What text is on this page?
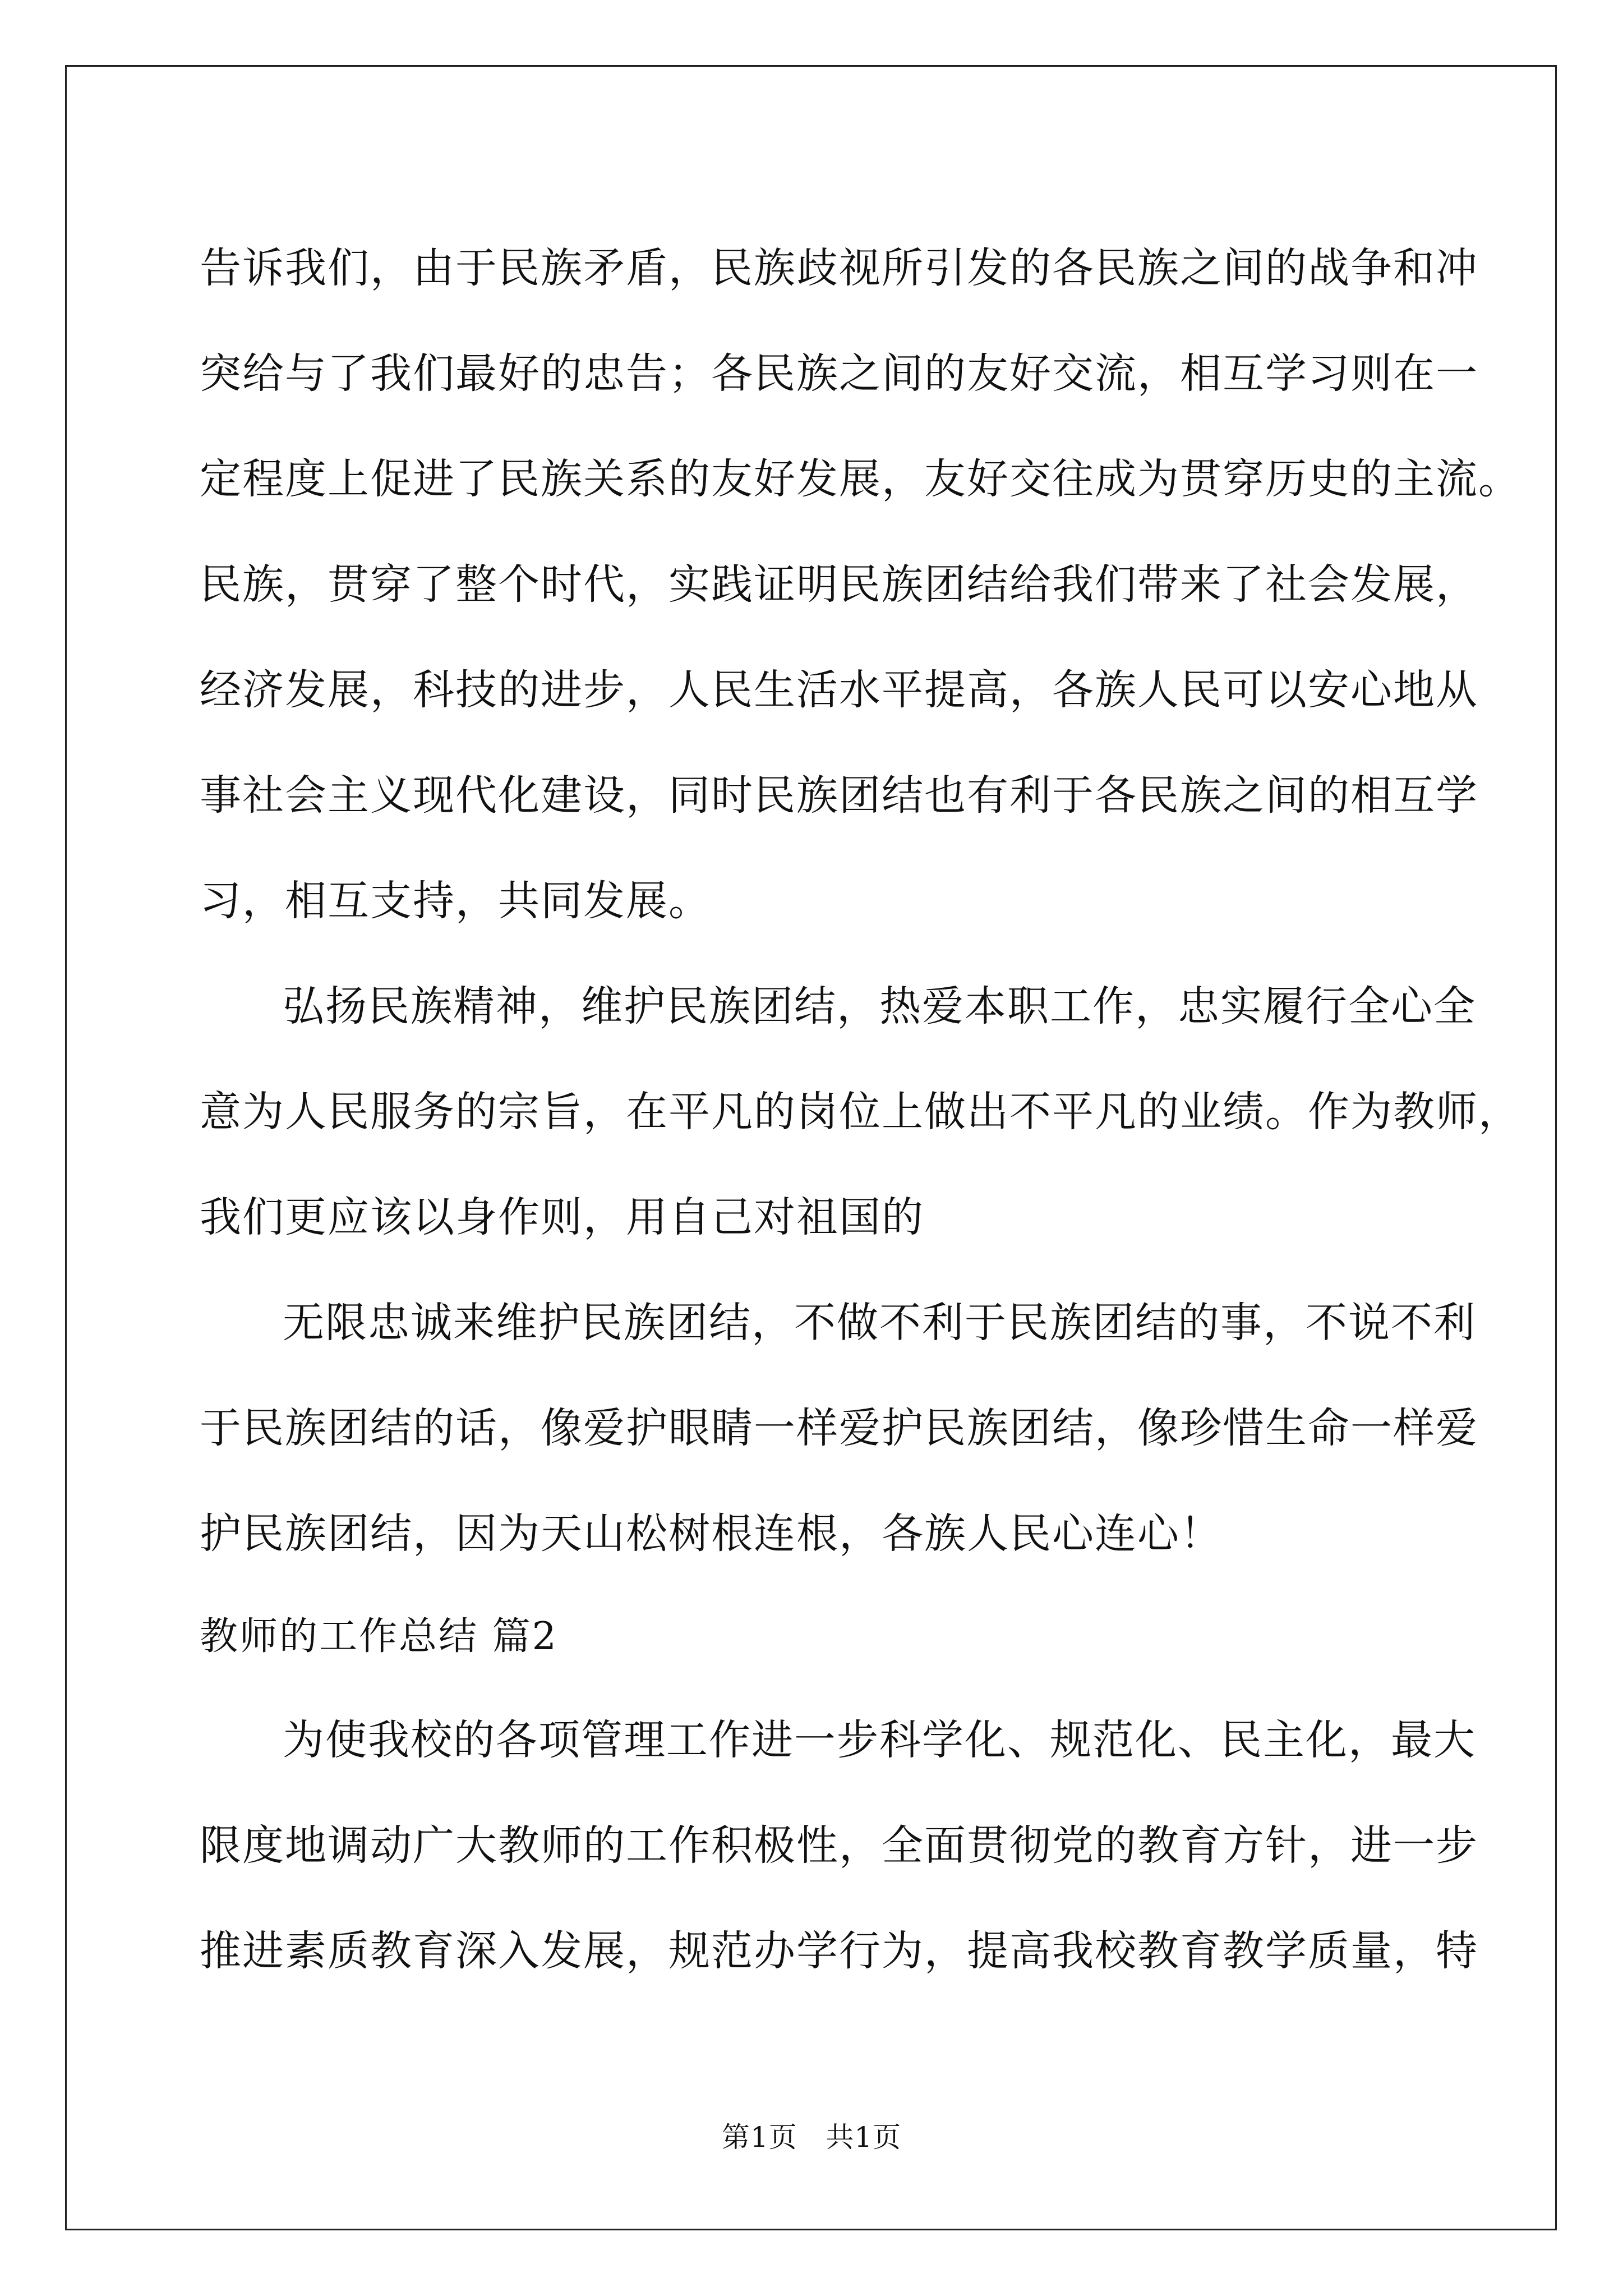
告诉我们，由于民族矛盾，民族歧视所引发的各民族之间的战争和冲
突给与了我们最好的忠告；各民族之间的友好交流，相互学习则在一
定程度上促进了民族关系的友好发展，友好交往成为贯穿历史的主流。
民族，贯穿了整个时代，实践证明民族团结给我们带来了社会发展，
经济发展，科技的进步，人民生活水平提高，各族人民可以安心地从
事社会主义现代化建设，同时民族团结也有利于各民族之间的相互学
习，相互支持，共同发展。
弘扬民族精神，维护民族团结，热爱本职工作，忠实履行全心全
意为人民服务的宗旨，在平凡的岗位上做出不平凡的业绩。作为教师，
我们更应该以身作则，用自己对祖国的
无限忠诚来维护民族团结，不做不利于民族团结的事，不说不利
于民族团结的话，像爱护眼睛一样爱护民族团结，像珍惜生命一样爱
护民族团结，因为天山松树根连根，各族人民心连心！
教师的工作总结 篇2
为使我校的各项管理工作进一步科学化、规范化、民主化，最大
限度地调动广大教师的工作积极性，全面贯彻党的教育方针，进一步
推进素质教育深入发展，规范办学行为，提高我校教育教学质量，特
第1页   共1页
